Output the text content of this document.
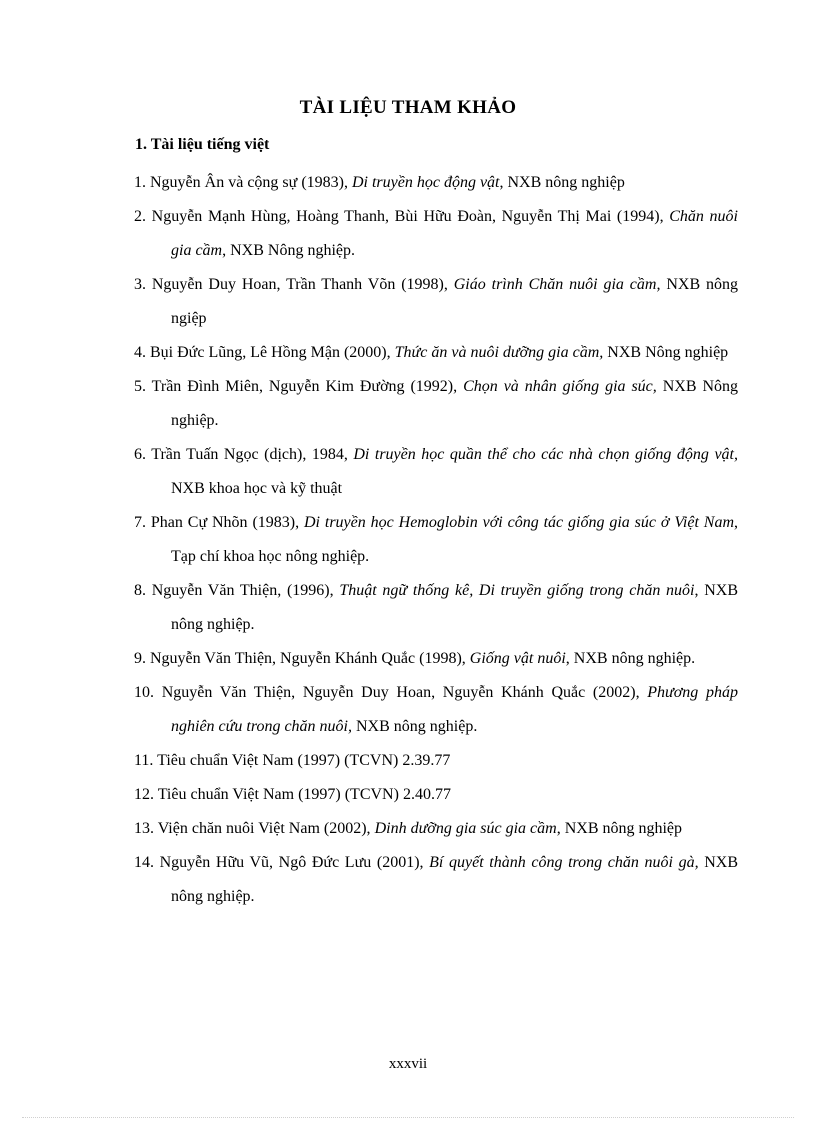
TÀI LIỆU THAM KHẢO
1. Tài liệu tiếng việt
1. Nguyễn Ân và cộng sự (1983), Di truyền học động vật, NXB nông nghiệp
2. Nguyễn Mạnh Hùng, Hoàng Thanh, Bùi Hữu Đoàn, Nguyễn Thị Mai (1994), Chăn nuôi gia cầm, NXB Nông nghiệp.
3. Nguyễn Duy Hoan, Trần Thanh Võn (1998), Giáo trình Chăn nuôi gia cầm, NXB nông ngiệp
4. Bụi Đức Lũng, Lê Hồng Mận (2000), Thức ăn và nuôi dưỡng gia cầm, NXB Nông nghiệp
5. Trần Đình Miên, Nguyễn Kim Đường (1992), Chọn và nhân giống gia súc, NXB Nông nghiệp.
6. Trần Tuấn Ngọc (dịch), 1984, Di truyền học quần thể cho các nhà chọn giống động vật, NXB khoa học và kỹ thuật
7. Phan Cự Nhõn (1983), Di truyền học Hemoglobin với công tác giống gia súc ở Việt Nam, Tạp chí khoa học nông nghiệp.
8. Nguyễn Văn Thiện, (1996), Thuật ngữ thống kê, Di truyền giống trong chăn nuôi, NXB nông nghiệp.
9. Nguyễn Văn Thiện, Nguyễn Khánh Quắc (1998), Giống vật nuôi, NXB nông nghiệp.
10. Nguyễn Văn Thiện, Nguyễn Duy Hoan, Nguyễn Khánh Quắc (2002), Phương pháp nghiên cứu trong chăn nuôi, NXB nông nghiệp.
11. Tiêu chuẩn Việt Nam (1997) (TCVN) 2.39.77
12. Tiêu chuẩn Việt Nam (1997) (TCVN) 2.40.77
13. Viện chăn nuôi Việt Nam (2002), Dinh dưỡng gia súc gia cầm, NXB nông nghiệp
14. Nguyễn Hữu Vũ, Ngô Đức Lưu (2001), Bí quyết thành công trong chăn nuôi gà, NXB nông nghiệp.
xxxvii
